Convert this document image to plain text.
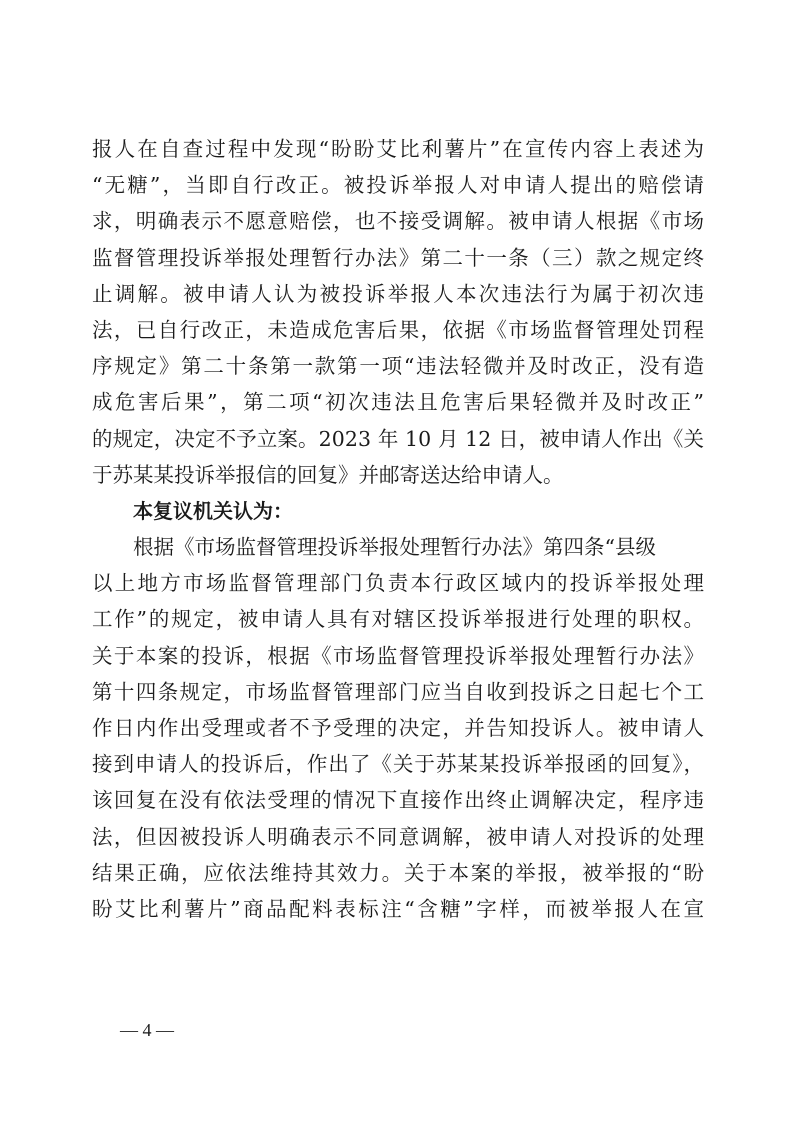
报人在自查过程中发现“盼盼艾比利薯片”在宣传内容上表述为
“无糖”，当即自行改正。被投诉举报人对申请人提出的赔偿请
求，明确表示不愿意赔偿，也不接受调解。被申请人根据《市场
监督管理投诉举报处理暂行办法》第二十一条（三）款之规定终
止调解。被申请人认为被投诉举报人本次违法行为属于初次违
法，已自行改正，未造成危害后果，依据《市场监督管理处罚程
序规定》第二十条第一款第一项“违法轻微并及时改正，没有造
成危害后果”，第二项“初次违法且危害后果轻微并及时改正”
的规定，决定不予立案。2023 年 10 月 12 日，被申请人作出《关
于苏某某投诉举报信的回复》并邮寄送达给申请人。
本复议机关认为：
根据《市场监督管理投诉举报处理暂行办法》第四条“县级
以上地方市场监督管理部门负责本行政区域内的投诉举报处理
工作”的规定，被申请人具有对辖区投诉举报进行处理的职权。
关于本案的投诉，根据《市场监督管理投诉举报处理暂行办法》
第十四条规定，市场监督管理部门应当自收到投诉之日起七个工
作日内作出受理或者不予受理的决定，并告知投诉人。被申请人
接到申请人的投诉后，作出了《关于苏某某投诉举报函的回复》，
该回复在没有依法受理的情况下直接作出终止调解决定，程序违
法，但因被投诉人明确表示不同意调解，被申请人对投诉的处理
结果正确，应依法维持其效力。关于本案的举报，被举报的“盼
盼艾比利薯片”商品配料表标注“含糖”字样，而被举报人在宣
— 4 —
